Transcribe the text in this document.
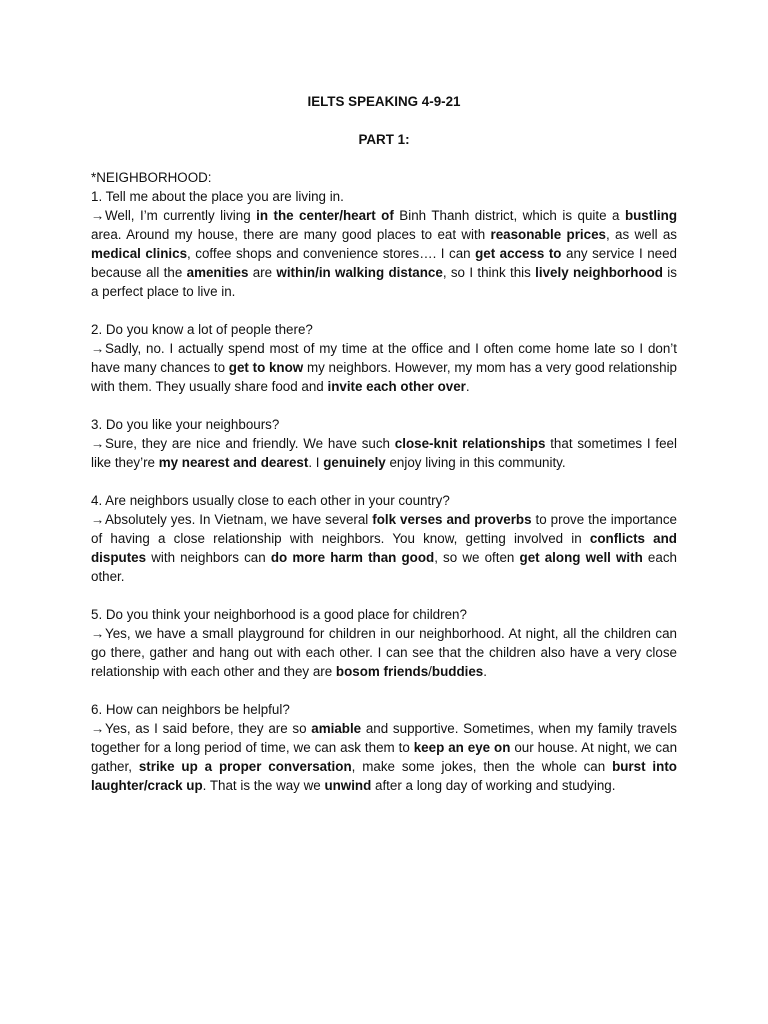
IELTS SPEAKING 4-9-21

PART 1:

*NEIGHBORHOOD:

1. Tell me about the place you are living in.

→Well, I’m currently living in the center/heart of Binh Thanh district, which is quite a bustling area. Around my house, there are many good places to eat with reasonable prices, as well as medical clinics, coffee shops and convenience stores…. I can get access to any service I need because all the amenities are within/in walking distance, so I think this lively neighborhood is a perfect place to live in.

2. Do you know a lot of people there?

→Sadly, no. I actually spend most of my time at the office and I often come home late so I don’t have many chances to get to know my neighbors. However, my mom has a very good relationship with them. They usually share food and invite each other over.

3. Do you like your neighbours?

→Sure, they are nice and friendly. We have such close-knit relationships that sometimes I feel like they’re my nearest and dearest. I genuinely enjoy living in this community.

4. Are neighbors usually close to each other in your country?

→Absolutely yes. In Vietnam, we have several folk verses and proverbs to prove the importance of having a close relationship with neighbors. You know, getting involved in conflicts and disputes with neighbors can do more harm than good, so we often get along well with each other.

5. Do you think your neighborhood is a good place for children?

→Yes, we have a small playground for children in our neighborhood. At night, all the children can go there, gather and hang out with each other. I can see that the children also have a very close relationship with each other and they are bosom friends/buddies.

6. How can neighbors be helpful?

→Yes, as I said before, they are so amiable and supportive. Sometimes, when my family travels together for a long period of time, we can ask them to keep an eye on our house. At night, we can gather, strike up a proper conversation, make some jokes, then the whole can burst into laughter/crack up. That is the way we unwind after a long day of working and studying.
